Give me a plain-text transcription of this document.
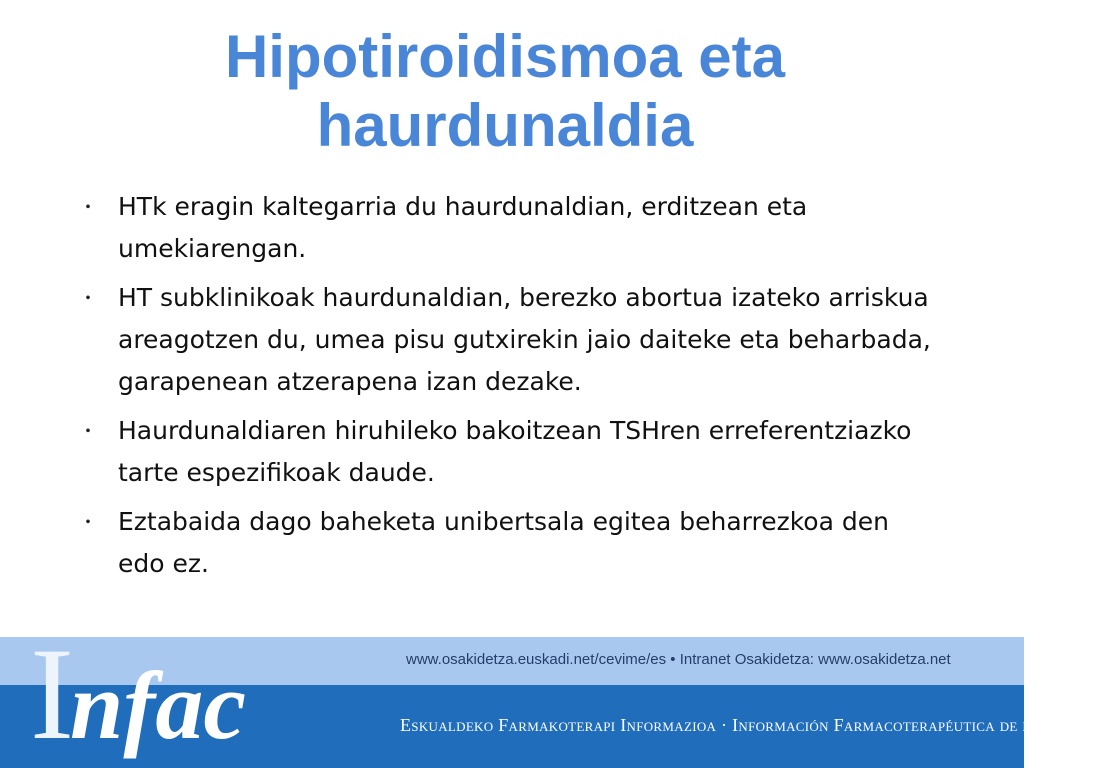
Hipotiroidismoa eta
haurdunaldia
・ HTk eragin kaltegarria du haurdunaldian, erditzean eta umekiarengan.
・ HT subklinikoak haurdunaldian, berezko abortua izateko arriskua areagotzen du, umea pisu gutxirekin jaio daiteke eta beharbada, garapenean atzerapena izan dezake.
・ Haurdunaldiaren hiruhileko bakoitzean TSHren erreferentziazko tarte espezifikoak daude.
・ Eztabaida dago baheketa unibertsala egitea beharrezkoa den edo ez.
www.osakidetza.euskadi.net/cevime/es • Intranet Osakidetza: www.osakidetza.net
Eskualdeko Farmakoterapi Informazioa · Información Farmacoterapéutica de la Comarca
Infac
